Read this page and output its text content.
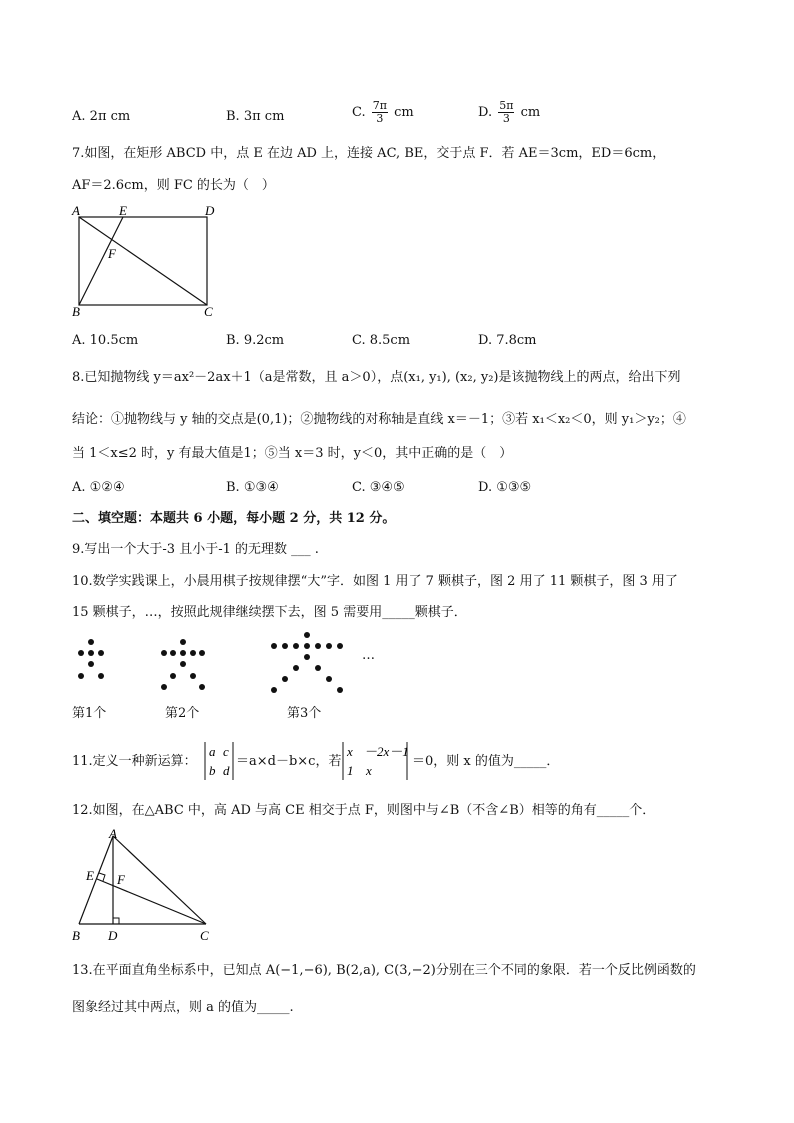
A. 2π cm	B. 3π cm	C. $\frac{7\pi}{3}$ cm	D. $\frac{5\pi}{3}$ cm
7.如图，在矩形 ABCD 中，点 E 在边 AD 上，连接 AC, BE，交于点 F．若 AE＝3cm，ED＝6cm，
AF＝2.6cm，则 FC 的长为（　）
A	E	D
F
B	C
A. 10.5cm	B. 9.2cm	C. 8.5cm	D. 7.8cm
8.已知抛物线 y＝ax²－2ax＋1（a是常数，且 a＞0），点(x₁, y₁), (x₂, y₂)是该抛物线上的两点，给出下列
结论：①抛物线与 y 轴的交点是(0,1)；②抛物线的对称轴是直线 x＝－1；③若 x₁＜x₂＜0，则 y₁＞y₂；④
当 1＜x≤2 时，y 有最大值是1；⑤当 x＝3 时，y＜0，其中正确的是（　）
A. ①②④	B. ①③④	C. ③④⑤	D. ①③⑤
二、填空题：本题共 6 小题，每小题 2 分，共 12 分。
9.写出一个大于-3 且小于-1 的无理数 ___ .
10.数学实践课上，小晨用棋子按规律摆“大”字．如图 1 用了 7 颗棋子，图 2 用了 11 颗棋子，图 3 用了
15 颗棋子，…，按照此规律继续摆下去，图 5 需要用_____颗棋子．
…
第1个	第2个	第3个
11.定义一种新运算：
a c
b d
＝a×d－b×c，若
x －2x－1
1 x
＝0，则 x 的值为_____．
12.如图，在△ABC 中，高 AD 与高 CE 相交于点 F，则图中与∠B（不含∠B）相等的角有_____个．
A
E F
B D	C
13.在平面直角坐标系中，已知点 A(−1,−6), B(2,a), C(3,−2)分别在三个不同的象限．若一个反比例函数的
图象经过其中两点，则 a 的值为_____.
